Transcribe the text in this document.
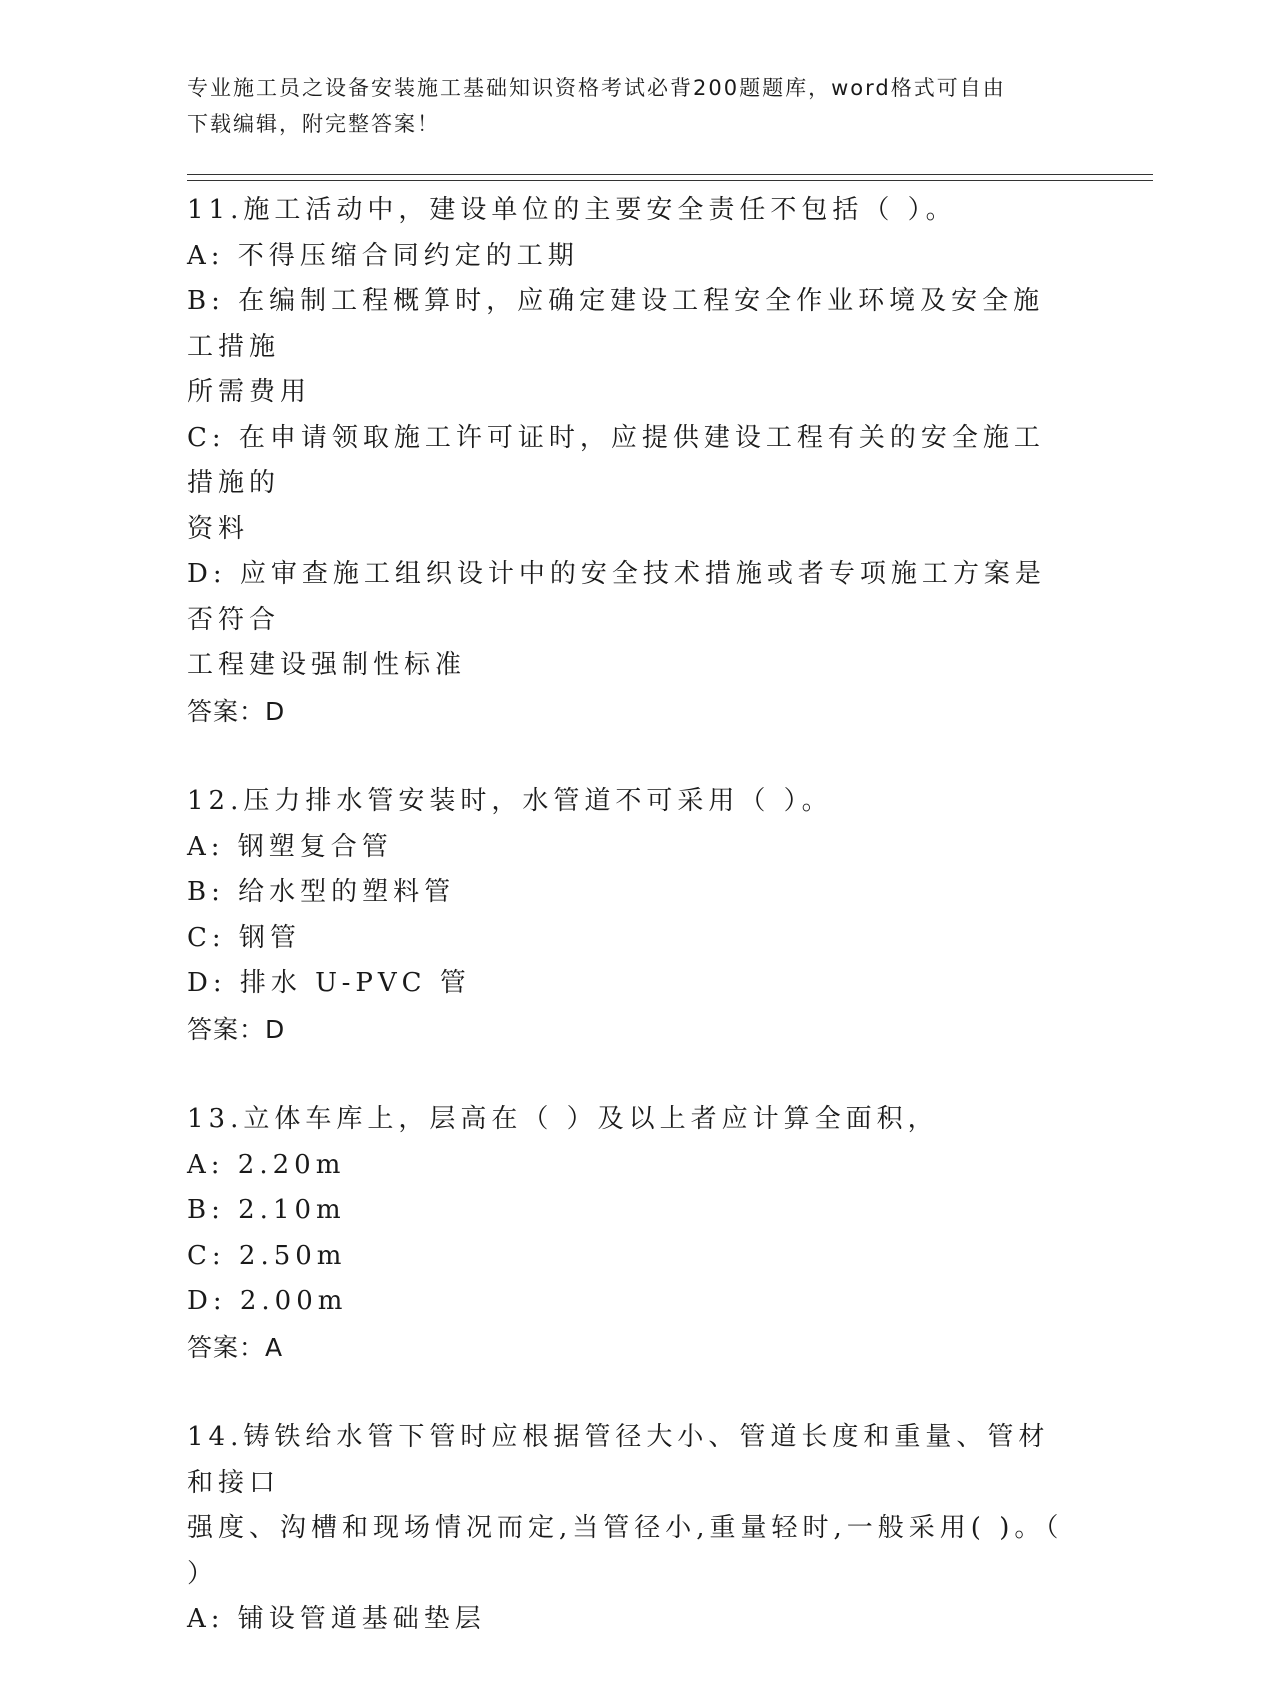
专业施工员之设备安装施工基础知识资格考试必背200题题库，word格式可自由
下载编辑，附完整答案！
11.施工活动中，建设单位的主要安全责任不包括（ ）。
A: 不得压缩合同约定的工期
B: 在编制工程概算时，应确定建设工程安全作业环境及安全施工措施
所需费用
C: 在申请领取施工许可证时，应提供建设工程有关的安全施工措施的
资料
D: 应审查施工组织设计中的安全技术措施或者专项施工方案是否符合
工程建设强制性标准
答案：D
12.压力排水管安装时，水管道不可采用（ ）。
A: 钢塑复合管
B: 给水型的塑料管
C: 钢管
D: 排水 U-PVC 管
答案：D
13.立体车库上，层高在（ ）及以上者应计算全面积，
A: 2.20m
B: 2.10m
C: 2.50m
D: 2.00m
答案：A
14.铸铁给水管下管时应根据管径大小、管道长度和重量、管材和接口
强度、沟槽和现场情况而定,当管径小,重量轻时,一般采用( )。（
）
A: 铺设管道基础垫层
